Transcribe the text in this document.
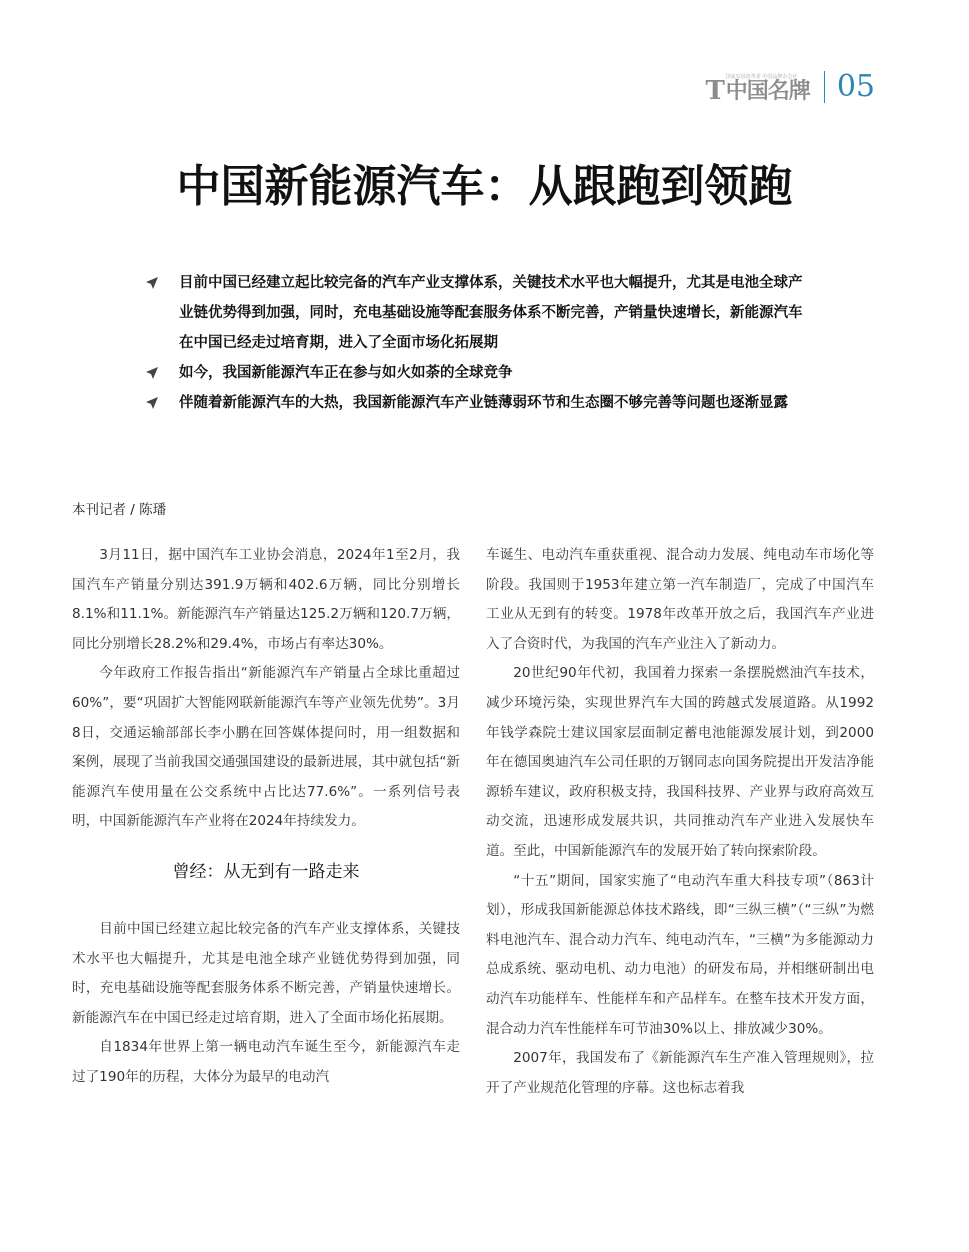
T 国家发展改革委 中国品牌杂志社
中国名牌 05
中国新能源汽车：从跟跑到领跑
目前中国已经建立起比较完备的汽车产业支撑体系，关键技术水平也大幅提升，尤其是电池全球产业链优势得到加强，同时，充电基础设施等配套服务体系不断完善，产销量快速增长，新能源汽车在中国已经走过培育期，进入了全面市场化拓展期
如今，我国新能源汽车正在参与如火如荼的全球竞争
伴随着新能源汽车的大热，我国新能源汽车产业链薄弱环节和生态圈不够完善等问题也逐渐显露
本刊记者 / 陈璠

3月11日，据中国汽车工业协会消息，2024年1至2月，我国汽车产销量分别达391.9万辆和402.6万辆，同比分别增长8.1%和11.1%。新能源汽车产销量达125.2万辆和120.7万辆，同比分别增长28.2%和29.4%，市场占有率达30%。

今年政府工作报告指出“新能源汽车产销量占全球比重超过60%”，要“巩固扩大智能网联新能源汽车等产业领先优势”。3月8日，交通运输部部长李小鹏在回答媒体提问时，用一组数据和案例，展现了当前我国交通强国建设的最新进展，其中就包括“新能源汽车使用量在公交系统中占比达77.6%”。一系列信号表明，中国新能源汽车产业将在2024年持续发力。

曾经：从无到有一路走来

目前中国已经建立起比较完备的汽车产业支撑体系，关键技术水平也大幅提升，尤其是电池全球产业链优势得到加强，同时，充电基础设施等配套服务体系不断完善，产销量快速增长。新能源汽车在中国已经走过培育期，进入了全面市场化拓展期。

自1834年世界上第一辆电动汽车诞生至今，新能源汽车走过了190年的历程，大体分为最早的电动汽

车诞生、电动汽车重获重视、混合动力发展、纯电动车市场化等阶段。我国则于1953年建立第一汽车制造厂，完成了中国汽车工业从无到有的转变。1978年改革开放之后，我国汽车产业进入了合资时代，为我国的汽车产业注入了新动力。

20世纪90年代初，我国着力探索一条摆脱燃油汽车技术，减少环境污染，实现世界汽车大国的跨越式发展道路。从1992年钱学森院士建议国家层面制定蓄电池能源发展计划，到2000年在德国奥迪汽车公司任职的万钢同志向国务院提出开发洁净能源轿车建议，政府积极支持，我国科技界、产业界与政府高效互动交流，迅速形成发展共识，共同推动汽车产业进入发展快车道。至此，中国新能源汽车的发展开始了转向探索阶段。

“十五”期间，国家实施了“电动汽车重大科技专项”（863计划），形成我国新能源总体技术路线，即“三纵三横”（“三纵”为燃料电池汽车、混合动力汽车、纯电动汽车，“三横”为多能源动力总成系统、驱动电机、动力电池）的研发布局，并相继研制出电动汽车功能样车、性能样车和产品样车。在整车技术开发方面，混合动力汽车性能样车可节油30%以上、排放减少30%。

2007年，我国发布了《新能源汽车生产准入管理规则》，拉开了产业规范化管理的序幕。这也标志着我
